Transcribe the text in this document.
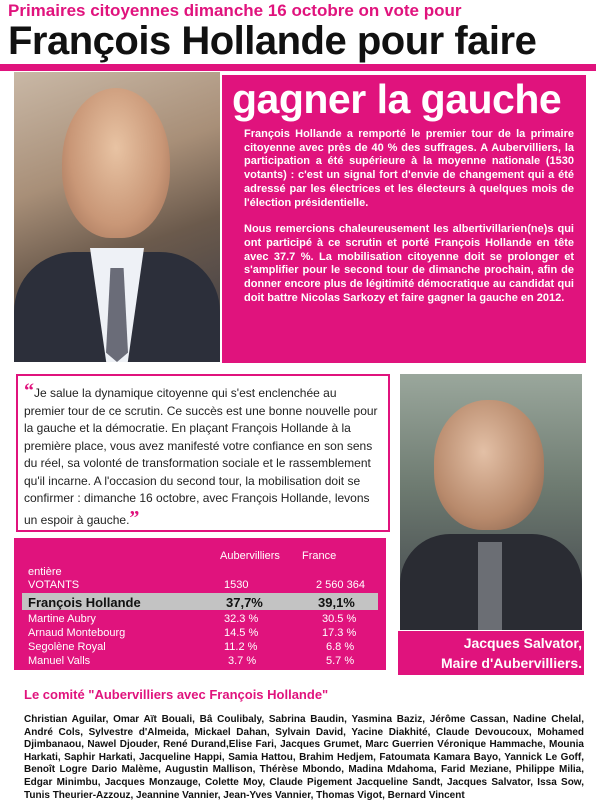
Primaires citoyennes dimanche 16 octobre on vote pour
François Hollande pour faire
gagner la gauche

François Hollande a remporté le premier tour de la primaire citoyenne avec près de 40 % des suffrages. A Aubervilliers, la participation a été supérieure à la moyenne nationale (1530 votants) : c'est un signal fort d'envie de changement qui a été adressé par les électrices et les électeurs à quelques mois de l'élection présidentielle.

Nous remercions chaleureusement les albertivillarien(ne)s qui ont participé à ce scrutin et porté François Hollande en tête avec 37.7 %. La mobilisation citoyenne doit se prolonger et s'amplifier pour le second tour de dimanche prochain, afin de donner encore plus de légitimité démocratique au candidat qui doit battre Nicolas Sarkozy et faire gagner la gauche en 2012.

“Je salue la dynamique citoyenne qui s'est enclenchée au premier tour de ce scrutin. Ce succès est une bonne nouvelle pour la gauche et la démocratie. En plaçant François Hollande à la première place, vous avez manifesté votre confiance en son sens du réel, sa volonté de transformation sociale et le rassemblement qu'il incarne. A l'occasion du second tour, la mobilisation doit se confirmer : dimanche 16 octobre, avec François Hollande, levons un espoir à gauche.”
Jacques Salvator,
Maire d'Aubervilliers.
Aubervilliers France
entière
VOTANTS	1530	2 560 364
François Hollande	37,7%	39,1%
Martine Aubry	32.3 %	30.5 %
Arnaud Montebourg	14.5 %	17.3 %
Segolène Royal	11.2 %	6.8 %
Manuel Valls	3.7 %	5.7 %
Le comité "Aubervilliers avec François Hollande"
Christian Aguilar, Omar Aït Bouali, Bâ Coulibaly, Sabrina Baudin, Yasmina Baziz, Jérôme Cassan, Nadine Chelal, André Cols, Sylvestre d'Almeida, Mickael Dahan, Sylvain David, Yacine Diakhité, Claude Devoucoux, Mohamed Djimbanaou, Nawel Djouder, René Durand,Elise Fari, Jacques Grumet, Marc Guerrien Véronique Hammache, Mounia Harkati, Saphir Harkati, Jacqueline Happi, Samia Hattou, Brahim Hedjem, Fatoumata Kamara Bayo, Yannick Le Goff, Benoît Logre Dario Malème, Augustin Mallison, Thérèse Mbondo, Madina Mdahoma, Farid Meziane, Philippe Milia, Edgar Minimbu, Jacques Monzauge, Colette Moy, Claude Pigement Jacqueline Sandt, Jacques Salvator, Issa Sow, Tunis Theurier-Azzouz, Jeannine Vannier, Jean-Yves Vannier, Thomas Vigot, Bernard Vincent
